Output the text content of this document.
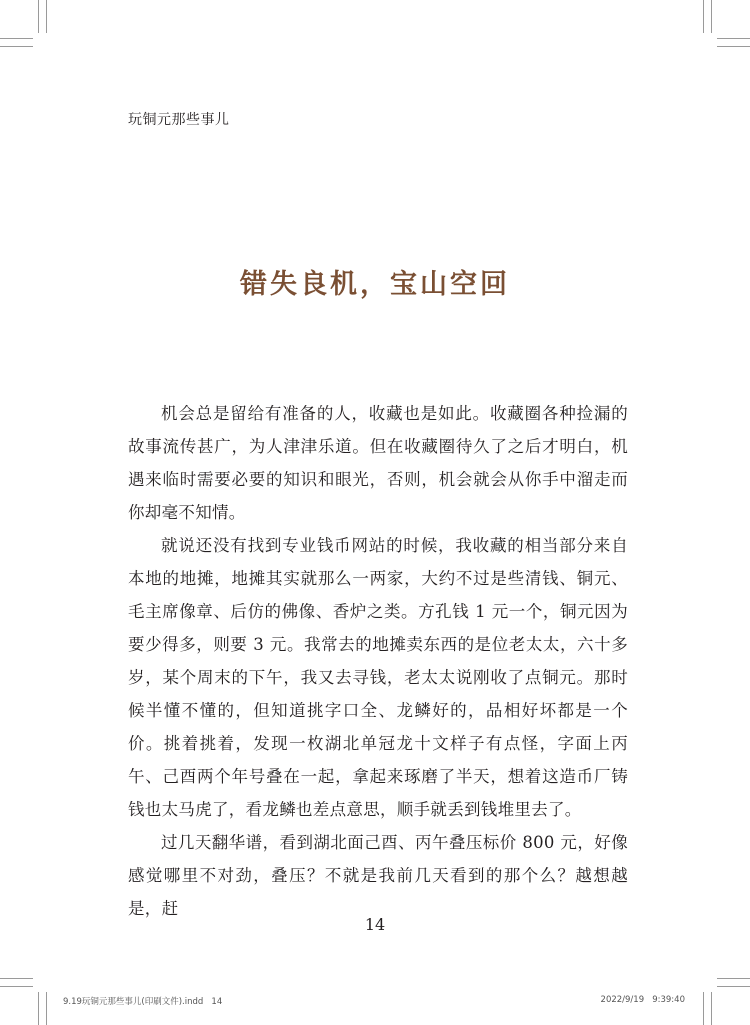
玩铜元那些事儿
错失良机，宝山空回

机会总是留给有准备的人，收藏也是如此。收藏圈各种捡漏的故事流传甚广，为人津津乐道。但在收藏圈待久了之后才明白，机遇来临时需要必要的知识和眼光，否则，机会就会从你手中溜走而你却毫不知情。

就说还没有找到专业钱币网站的时候，我收藏的相当部分来自本地的地摊，地摊其实就那么一两家，大约不过是些清钱、铜元、毛主席像章、后仿的佛像、香炉之类。方孔钱 1 元一个，铜元因为要少得多，则要 3 元。我常去的地摊卖东西的是位老太太，六十多岁，某个周末的下午，我又去寻钱，老太太说刚收了点铜元。那时候半懂不懂的，但知道挑字口全、龙鳞好的，品相好坏都是一个价。挑着挑着，发现一枚湖北单冠龙十文样子有点怪，字面上丙午、己酉两个年号叠在一起，拿起来琢磨了半天，想着这造币厂铸钱也太马虎了，看龙鳞也差点意思，顺手就丢到钱堆里去了。

过几天翻华谱，看到湖北面己酉、丙午叠压标价 800 元，好像感觉哪里不对劲，叠压？不就是我前几天看到的那个么？越想越是，赶

14
9.19玩铜元那些事儿(印刷文件).indd   14	2022/9/19   9:39:40
